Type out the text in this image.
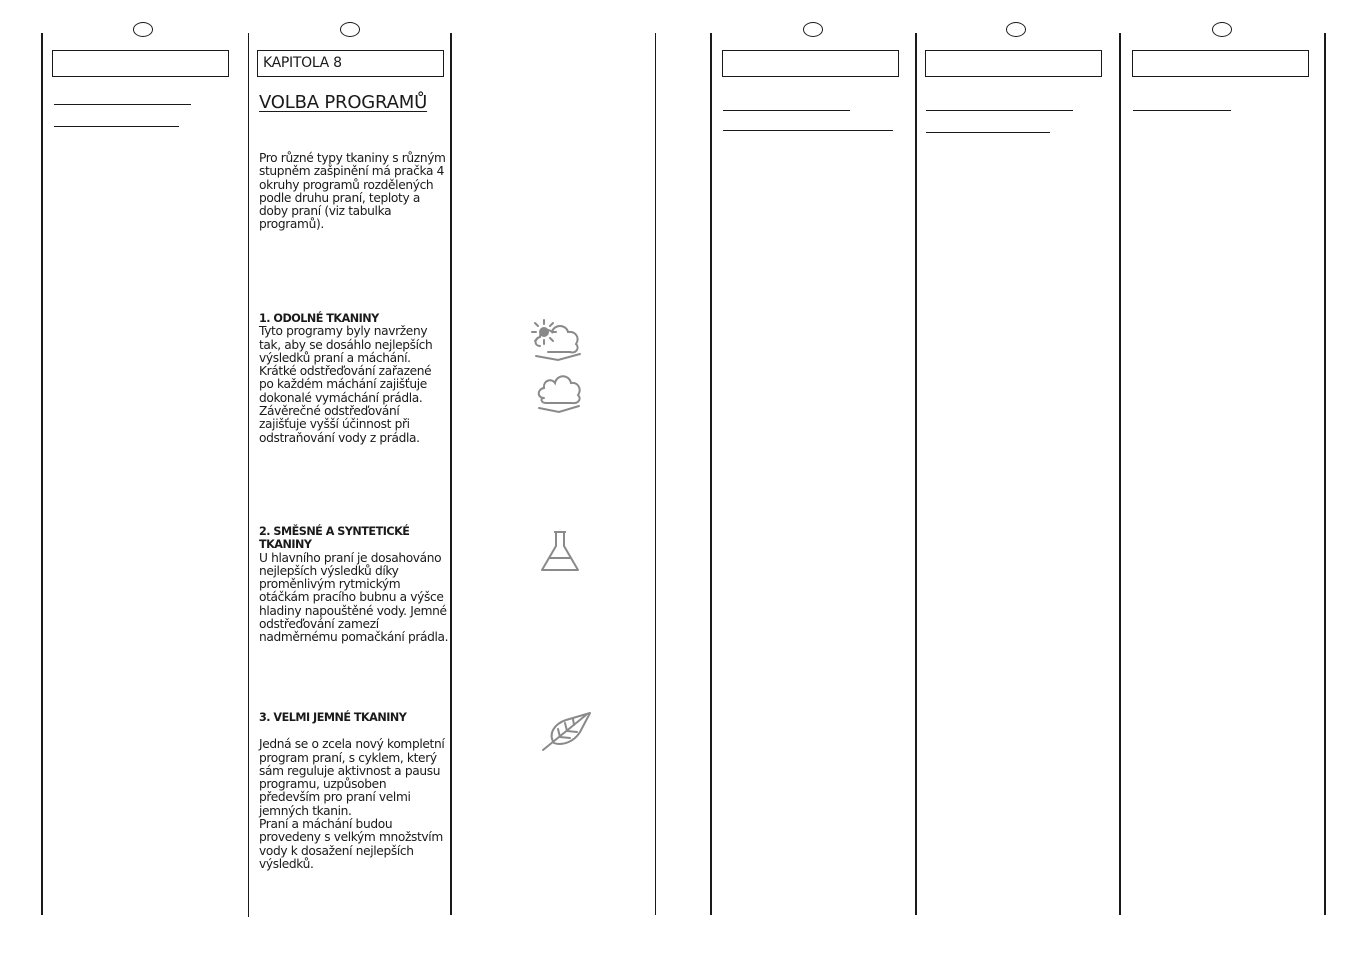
KAPITOLA 8
VOLBA PROGRAMŮ
Pro různé typy tkaniny s různým stupněm zašpinění má pračka 4 okruhy programů rozdělených podle druhu praní, teploty a doby praní (viz tabulka programů).
1. ODOLNÉ TKANINY
Tyto programy byly navrženy tak, aby se dosáhlo nejlepších výsledků praní a máchání. Krátké odstřeďování zařazené po každém máchání zajišťuje dokonalé vymáchání prádla. Závěrečné odstřeďování zajišťuje vyšší účinnost při odstraňování vody z prádla.
2. SMĚSNÉ A SYNTETICKÉ TKANINY
U hlavního praní je dosahováno nejlepších výsledků díky proměnlivým rytmickým otáčkám pracího bubnu a výšce hladiny napouštěné vody. Jemné odstřeďování zamezí nadměrnému pomačkání prádla.
3. VELMI JEMNÉ TKANINY
Jedná se o zcela nový kompletní program praní, s cyklem, který sám reguluje aktivnost a pausu programu, uzpůsoben především pro praní velmi jemných tkanin.
Praní a máchání budou provedeny s velkým množstvím vody k dosažení nejlepších výsledků.
